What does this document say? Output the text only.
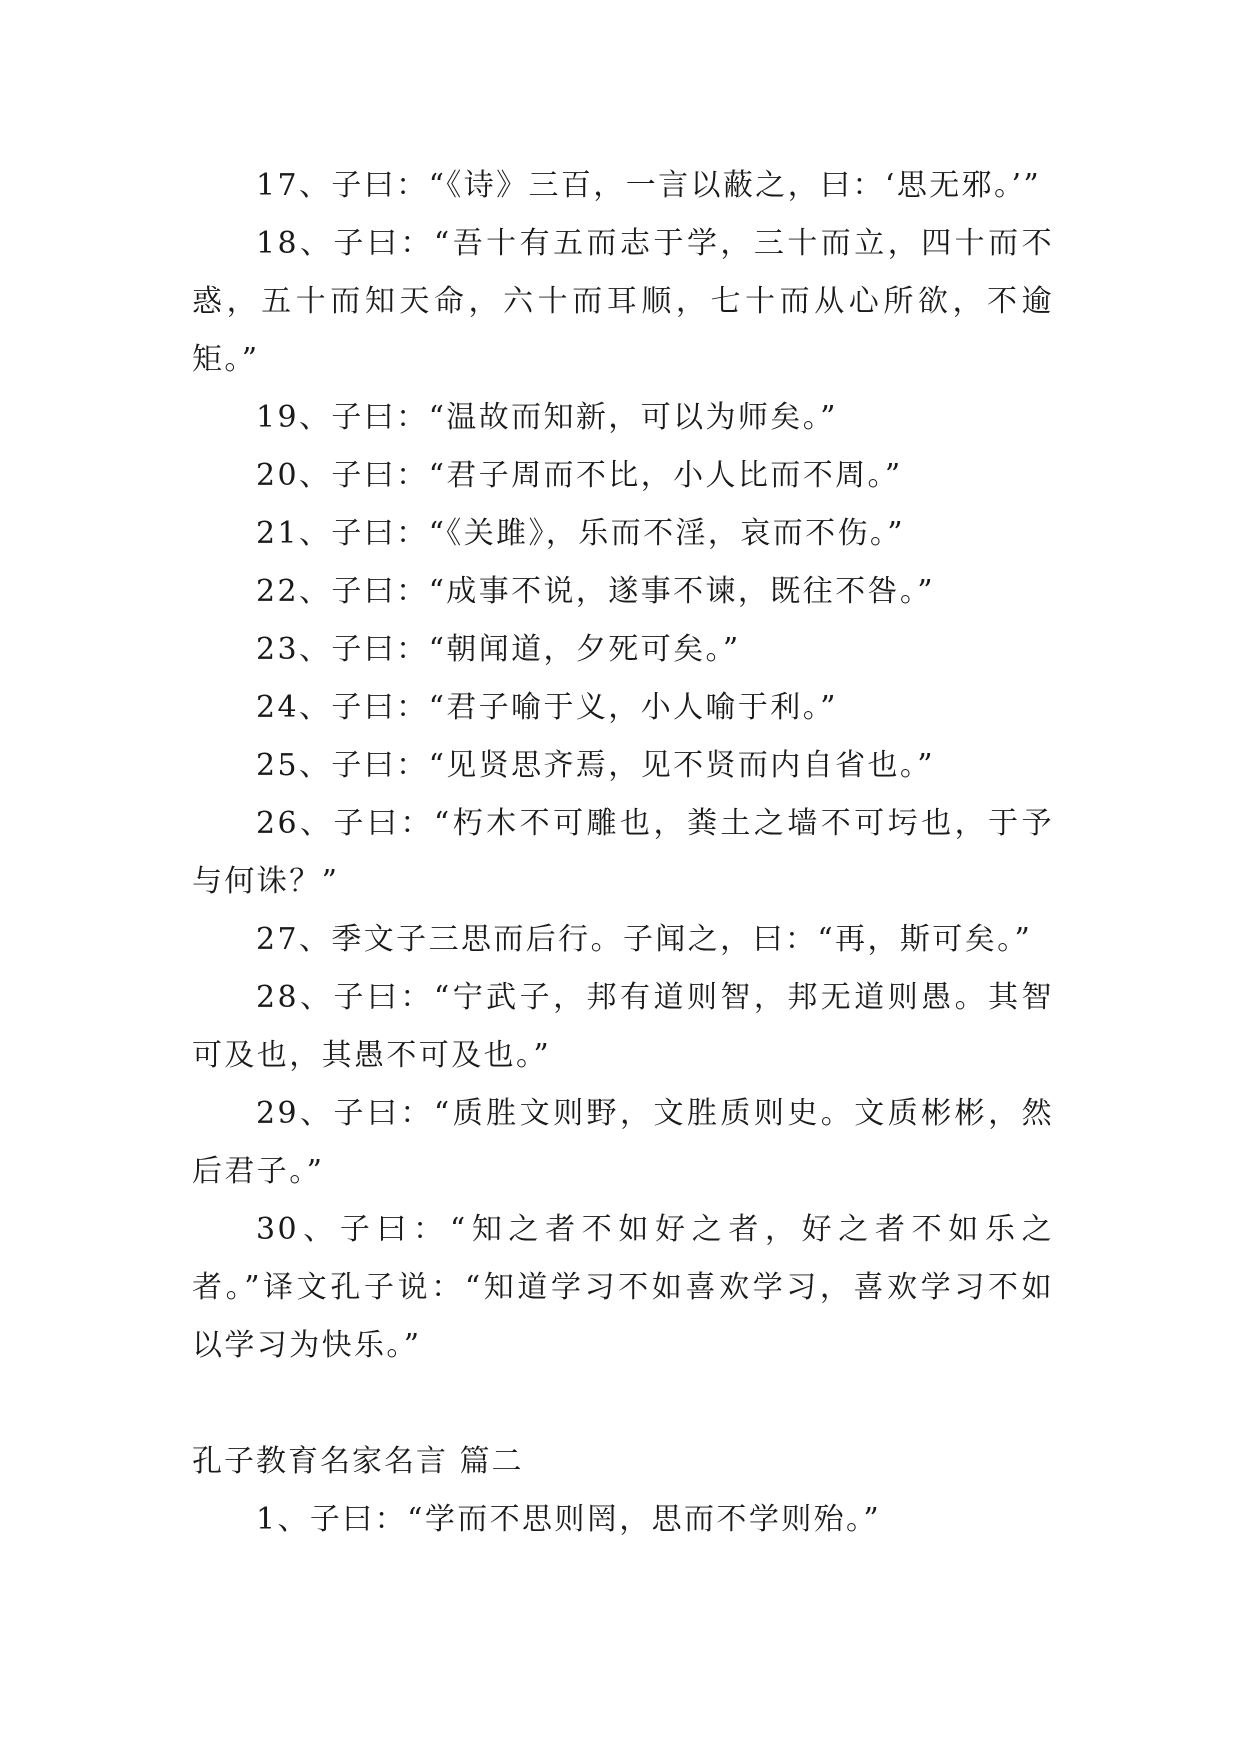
17、子曰：“《诗》三百，一言以蔽之，曰：‘思无邪。’”

18、子曰：“吾十有五而志于学，三十而立，四十而不惑，五十而知天命，六十而耳顺，七十而从心所欲，不逾矩。”

19、子曰：“温故而知新，可以为师矣。”

20、子曰：“君子周而不比，小人比而不周。”

21、子曰：“《关雎》，乐而不淫，哀而不伤。”

22、子曰：“成事不说，遂事不谏，既往不咎。”

23、子曰：“朝闻道，夕死可矣。”

24、子曰：“君子喻于义，小人喻于利。”

25、子曰：“见贤思齐焉，见不贤而内自省也。”

26、子曰：“朽木不可雕也，粪土之墙不可圬也，于予与何诛？”

27、季文子三思而后行。子闻之，曰：“再，斯可矣。”

28、子曰：“宁武子，邦有道则智，邦无道则愚。其智可及也，其愚不可及也。”

29、子曰：“质胜文则野，文胜质则史。文质彬彬，然后君子。”

30、子曰：“知之者不如好之者，好之者不如乐之者。”译文孔子说：“知道学习不如喜欢学习，喜欢学习不如以学习为快乐。”

孔子教育名家名言 篇二

1、子曰：“学而不思则罔，思而不学则殆。”
